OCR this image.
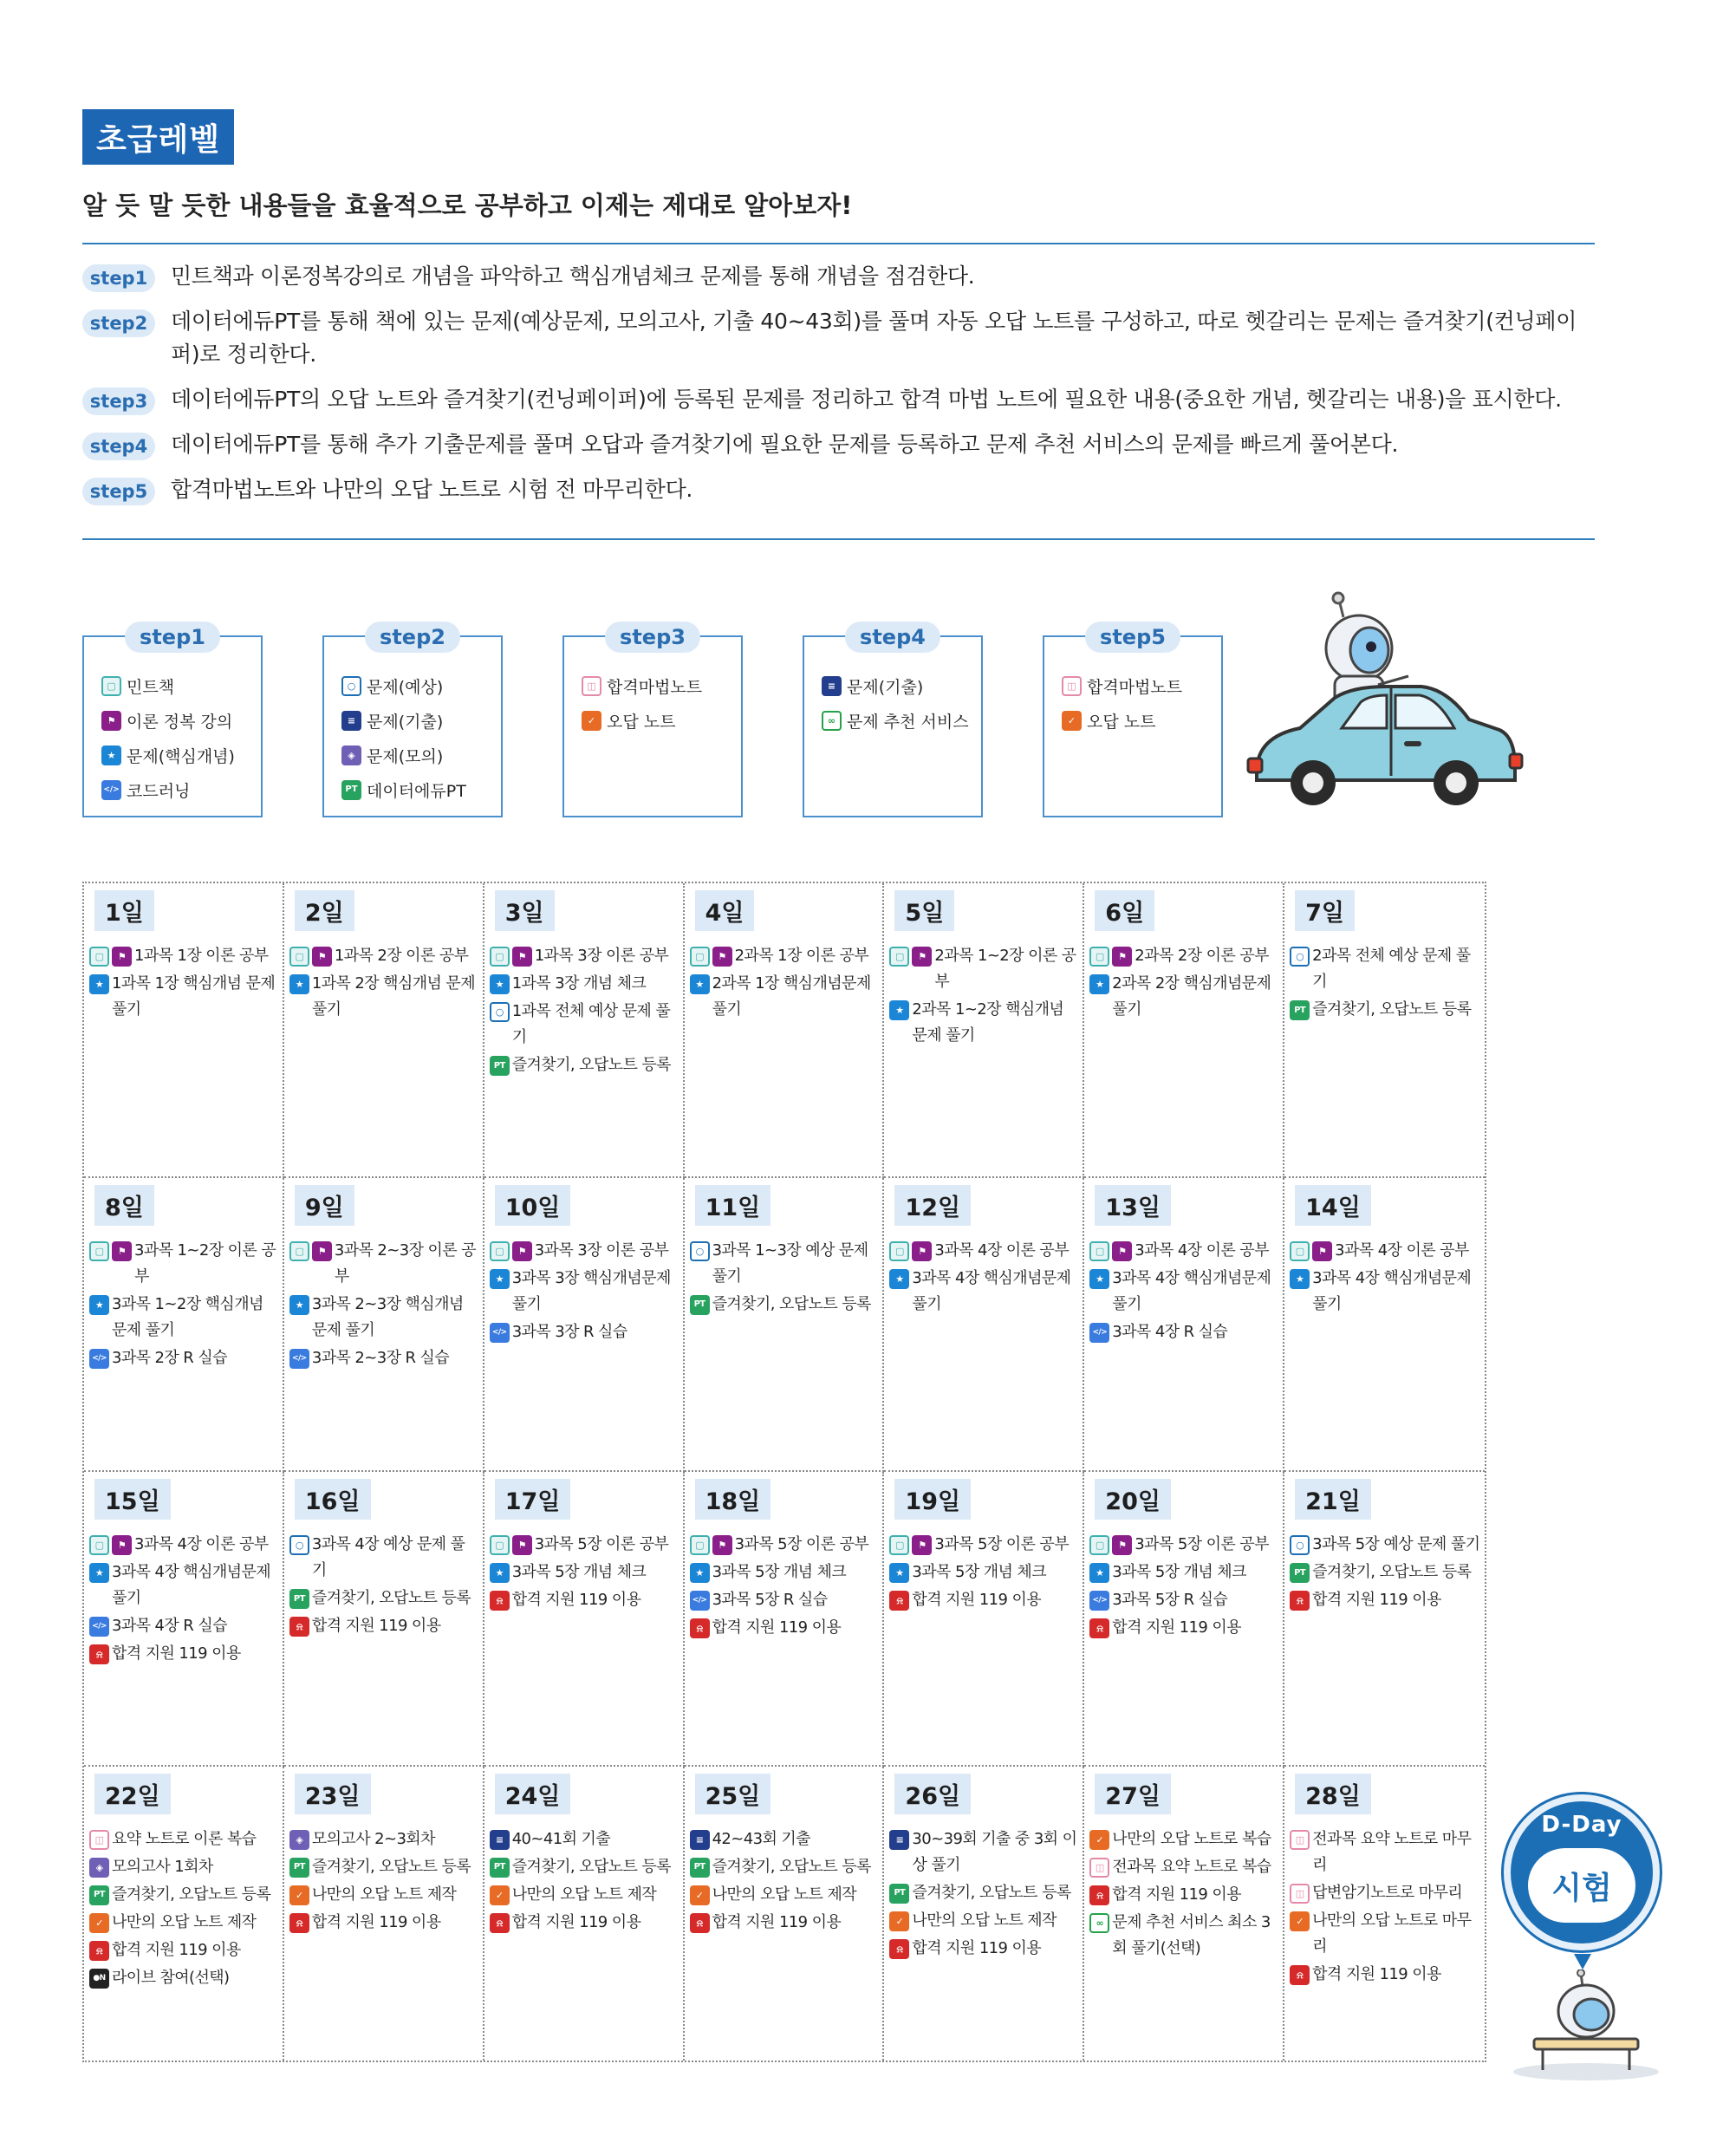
초급레벨
알 듯 말 듯한 내용들을 효율적으로 공부하고 이제는 제대로 알아보자!
step1	민트책과 이론정복강의로 개념을 파악하고 핵심개념체크 문제를 통해 개념을 점검한다.
step2	데이터에듀PT를 통해 책에 있는 문제(예상문제, 모의고사, 기출 40~43회)를 풀며 자동 오답 노트를 구성하고, 따로 헷갈리는 문제는 즐겨찾기(컨닝페이퍼)로 정리한다.
step3	데이터에듀PT의 오답 노트와 즐겨찾기(컨닝페이퍼)에 등록된 문제를 정리하고 합격 마법 노트에 필요한 내용(중요한 개념, 헷갈리는 내용)을 표시한다.
step4	데이터에듀PT를 통해 추가 기출문제를 풀며 오답과 즐겨찾기에 필요한 문제를 등록하고 문제 추천 서비스의 문제를 빠르게 풀어본다.
step5	합격마법노트와 나만의 오답 노트로 시험 전 마무리한다.
step1
▢ 민트책
⚑ 이론 정복 강의
★ 문제(핵심개념)
</> 코드러닝
step2
○ 문제(예상)
≡ 문제(기출)
◈ 문제(모의)
PT 데이터에듀PT
step3
◫ 합격마법노트
✓ 오답 노트
step4
≡ 문제(기출)
∞ 문제 추천 서비스
step5
◫ 합격마법노트
✓ 오답 노트
1일
▢	⚑ 1과목 1장 이론 공부
★ 1과목 1장 핵심개념 문제 풀기
2일
▢	⚑ 1과목 2장 이론 공부
★ 1과목 2장 핵심개념 문제 풀기
3일
▢	⚑ 1과목 3장 이론 공부
★ 1과목 3장 개념 체크
○ 1과목 전체 예상 문제 풀기
PT 즐겨찾기, 오답노트 등록
4일
▢	⚑ 2과목 1장 이론 공부
★ 2과목 1장 핵심개념문제 풀기
5일
▢	⚑ 2과목 1~2장 이론 공부
★ 2과목 1~2장 핵심개념 문제 풀기
6일
▢	⚑ 2과목 2장 이론 공부
★ 2과목 2장 핵심개념문제 풀기
7일
○ 2과목 전체 예상 문제 풀기
PT 즐겨찾기, 오답노트 등록
8일
▢	⚑ 3과목 1~2장 이론 공부
★ 3과목 1~2장 핵심개념 문제 풀기
</> 3과목 2장 R 실습
9일
▢	⚑ 3과목 2~3장 이론 공부
★ 3과목 2~3장 핵심개념 문제 풀기
</> 3과목 2~3장 R 실습
10일
▢	⚑ 3과목 3장 이론 공부
★ 3과목 3장 핵심개념문제 풀기
</> 3과목 3장 R 실습
11일
○ 3과목 1~3장 예상 문제 풀기
PT 즐겨찾기, 오답노트 등록
12일
▢	⚑ 3과목 4장 이론 공부
★ 3과목 4장 핵심개념문제 풀기
13일
▢	⚑ 3과목 4장 이론 공부
★ 3과목 4장 핵심개념문제 풀기
</> 3과목 4장 R 실습
14일
▢	⚑ 3과목 4장 이론 공부
★ 3과목 4장 핵심개념문제 풀기
15일
▢	⚑ 3과목 4장 이론 공부
★ 3과목 4장 핵심개념문제 풀기
</> 3과목 4장 R 실습
⍾ 합격 지원 119 이용
16일
○ 3과목 4장 예상 문제 풀기
PT 즐겨찾기, 오답노트 등록
⍾ 합격 지원 119 이용
17일
▢	⚑ 3과목 5장 이론 공부
★ 3과목 5장 개념 체크
⍾ 합격 지원 119 이용
18일
▢	⚑ 3과목 5장 이론 공부
★ 3과목 5장 개념 체크
</> 3과목 5장 R 실습
⍾ 합격 지원 119 이용
19일
▢	⚑ 3과목 5장 이론 공부
★ 3과목 5장 개념 체크
⍾ 합격 지원 119 이용
20일
▢	⚑ 3과목 5장 이론 공부
★ 3과목 5장 개념 체크
</> 3과목 5장 R 실습
⍾ 합격 지원 119 이용
21일
○ 3과목 5장 예상 문제 풀기
PT 즐겨찾기, 오답노트 등록
⍾ 합격 지원 119 이용
22일
◫ 요약 노트로 이론 복습
◈ 모의고사 1회차
PT 즐겨찾기, 오답노트 등록
✓ 나만의 오답 노트 제작
⍾ 합격 지원 119 이용
●N 라이브 참여(선택)
23일
◈ 모의고사 2~3회차
PT 즐겨찾기, 오답노트 등록
✓ 나만의 오답 노트 제작
⍾ 합격 지원 119 이용
24일
≡ 40~41회 기출
PT 즐겨찾기, 오답노트 등록
✓ 나만의 오답 노트 제작
⍾ 합격 지원 119 이용
25일
≡ 42~43회 기출
PT 즐겨찾기, 오답노트 등록
✓ 나만의 오답 노트 제작
⍾ 합격 지원 119 이용
26일
≡ 30~39회 기출 중 3회 이상 풀기
PT 즐겨찾기, 오답노트 등록
✓ 나만의 오답 노트 제작
⍾ 합격 지원 119 이용
27일
✓ 나만의 오답 노트로 복습
◫ 전과목 요약 노트로 복습
⍾ 합격 지원 119 이용
∞ 문제 추천 서비스 최소 3회 풀기(선택)
28일
◫ 전과목 요약 노트로 마무리
◫ 답변암기노트로 마무리
✓ 나만의 오답 노트로 마무리
⍾ 합격 지원 119 이용
D-Day
시험
